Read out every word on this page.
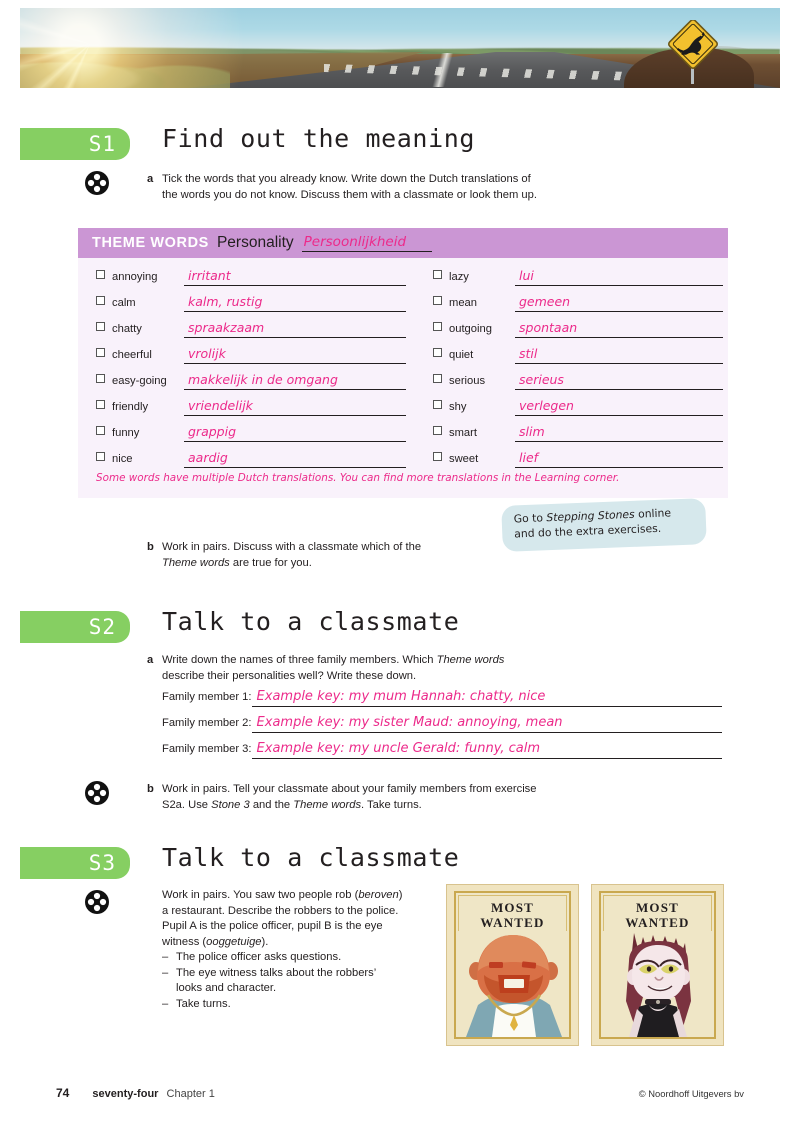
S1	Find out the meaning
a Tick the words that you already know. Write down the Dutch translations of
the words you do not know. Discuss them with a classmate or look them up.
THEME WORDS Personality Persoonlijkheid
annoying	irritant
calm	kalm, rustig
chatty	spraakzaam
cheerful	vrolijk
easy-going	makkelijk in de omgang
friendly	vriendelijk
funny	grappig
nice	aardig
lazy	lui
mean	gemeen
outgoing	spontaan
quiet	stil
serious	serieus
shy	verlegen
smart	slim
sweet	lief
Some words have multiple Dutch translations. You can find more translations in the Learning corner.
Go to Stepping Stones online
and do the extra exercises.
b Work in pairs. Discuss with a classmate which of the
Theme words are true for you.
S2	Talk to a classmate
a Write down the names of three family members. Which Theme words
describe their personalities well? Write these down.
Family member 1: Example key: my mum Hannah: chatty, nice
Family member 2: Example key: my sister Maud: annoying, mean
Family member 3: Example key: my uncle Gerald: funny, calm
b Work in pairs. Tell your classmate about your family members from exercise
S2a. Use Stone 3 and the Theme words. Take turns.
S3	Talk to a classmate
Work in pairs. You saw two people rob (beroven)
a restaurant. Describe the robbers to the police.
Pupil A is the police officer, pupil B is the eye
witness (ooggetuige).
– The police officer asks questions.
– The eye witness talks about the robbers’
looks and character.
– Take turns.
MOST
WANTED
MOST
WANTED
74 seventy-four Chapter 1	© Noordhoff Uitgevers bv
